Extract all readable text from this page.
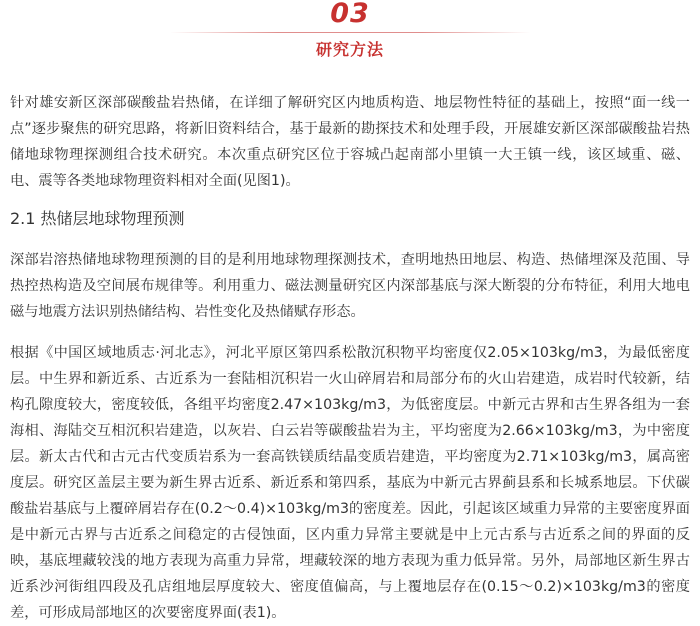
03
研究方法

针对雄安新区深部碳酸盐岩热储，在详细了解研究区内地质构造、地层物性特征的基础上，按照“面一线一点”逐步聚焦的研究思路，将新旧资料结合，基于最新的勘探技术和处理手段，开展雄安新区深部碳酸盐岩热储地球物理探测组合技术研究。本次重点研究区位于容城凸起南部小里镇一大王镇一线，该区域重、磁、电、震等各类地球物理资料相对全面(见图1)。

2.1 热储层地球物理预测

深部岩溶热储地球物理预测的目的是利用地球物理探测技术，查明地热田地层、构造、热储埋深及范围、导热控热构造及空间展布规律等。利用重力、磁法测量研究区内深部基底与深大断裂的分布特征，利用大地电磁与地震方法识别热储结构、岩性变化及热储赋存形态。

根据《中国区域地质志·河北志》，河北平原区第四系松散沉积物平均密度仅2.05×103kg/m3，为最低密度层。中生界和新近系、古近系为一套陆相沉积岩一火山碎屑岩和局部分布的火山岩建造，成岩时代较新，结构孔隙度较大，密度较低，各组平均密度2.47×103kg/m3，为低密度层。中新元古界和古生界各组为一套海相、海陆交互相沉积岩建造，以灰岩、白云岩等碳酸盐岩为主，平均密度为2.66×103kg/m3，为中密度层。新太古代和古元古代变质岩系为一套高铁镁质结晶变质岩建造，平均密度为2.71×103kg/m3，属高密度层。研究区盖层主要为新生界古近系、新近系和第四系，基底为中新元古界蓟县系和长城系地层。下伏碳酸盐岩基底与上覆碎屑岩存在(0.2～0.4)×103kg/m3的密度差。因此，引起该区域重力异常的主要密度界面是中新元古界与古近系之间稳定的古侵蚀面，区内重力异常主要就是中上元古系与古近系之间的界面的反映，基底埋藏较浅的地方表现为高重力异常，埋藏较深的地方表现为重力低异常。另外，局部地区新生界古近系沙河街组四段及孔店组地层厚度较大、密度值偏高，与上覆地层存在(0.15～0.2)×103kg/m3的密度差，可形成局部地区的次要密度界面(表1)。
